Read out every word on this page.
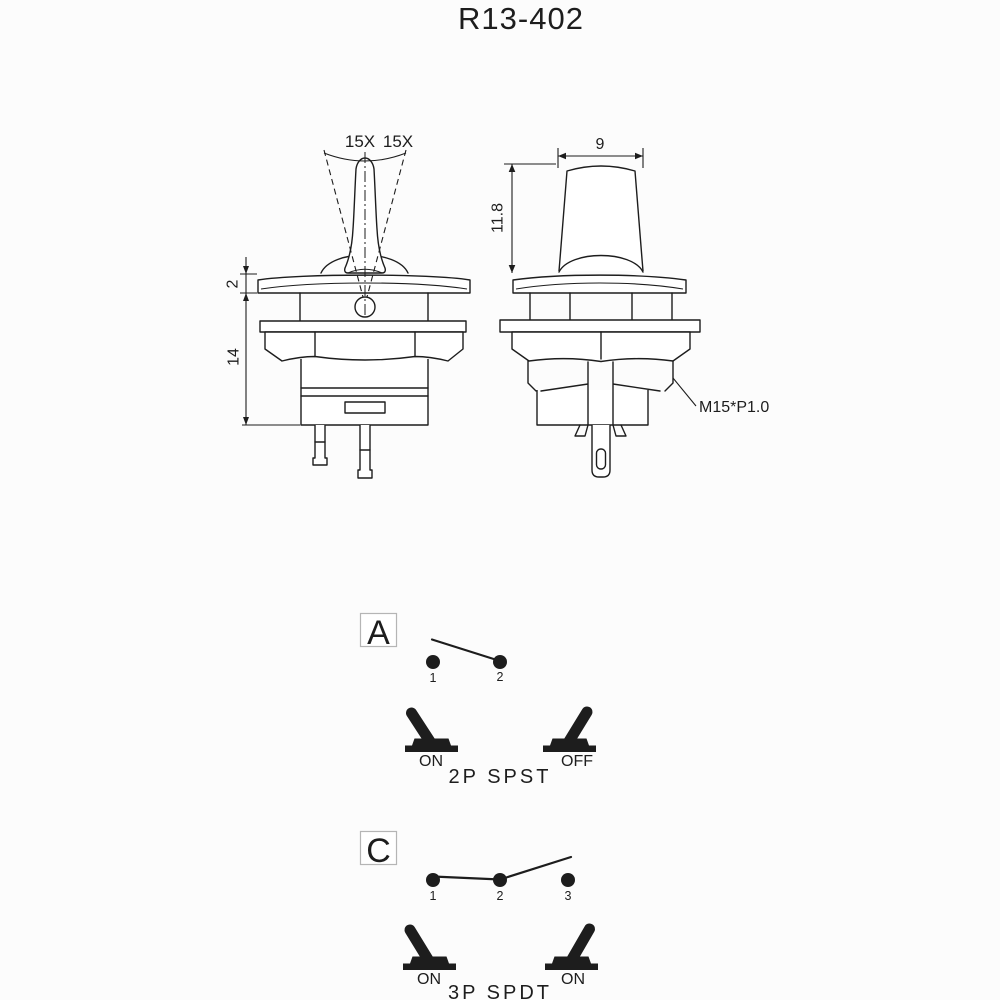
R13-402
15X 15X
2
14
M15*P1.0
9
11.8
A
1	2
ON	OFF
2P SPST
C
1	2	3
ON	ON
3P SPDT
